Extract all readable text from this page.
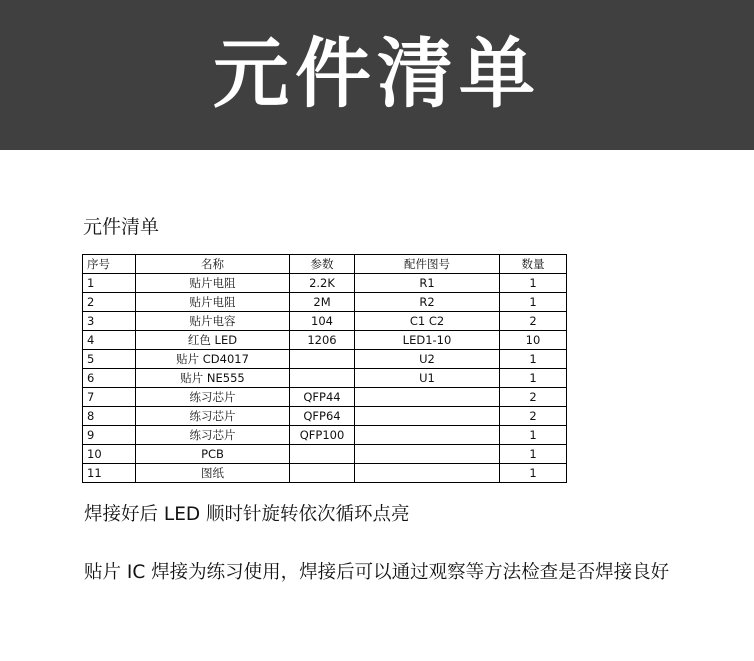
元件清单
元件清单
序号	名称	参数	配件图号	数量
1	贴片电阻	2.2K	R1	1
2	贴片电阻	2M	R2	1
3	贴片电容	104	C1 C2	2
4	红色 LED	1206	LED1-10	10
5	贴片 CD4017		U2	1
6	贴片 NE555		U1	1
7	练习芯片	QFP44		2
8	练习芯片	QFP64		2
9	练习芯片	QFP100		1
10	PCB			1
11	图纸			1
焊接好后 LED 顺时针旋转依次循环点亮
贴片 IC 焊接为练习使用，焊接后可以通过观察等方法检查是否焊接良好
